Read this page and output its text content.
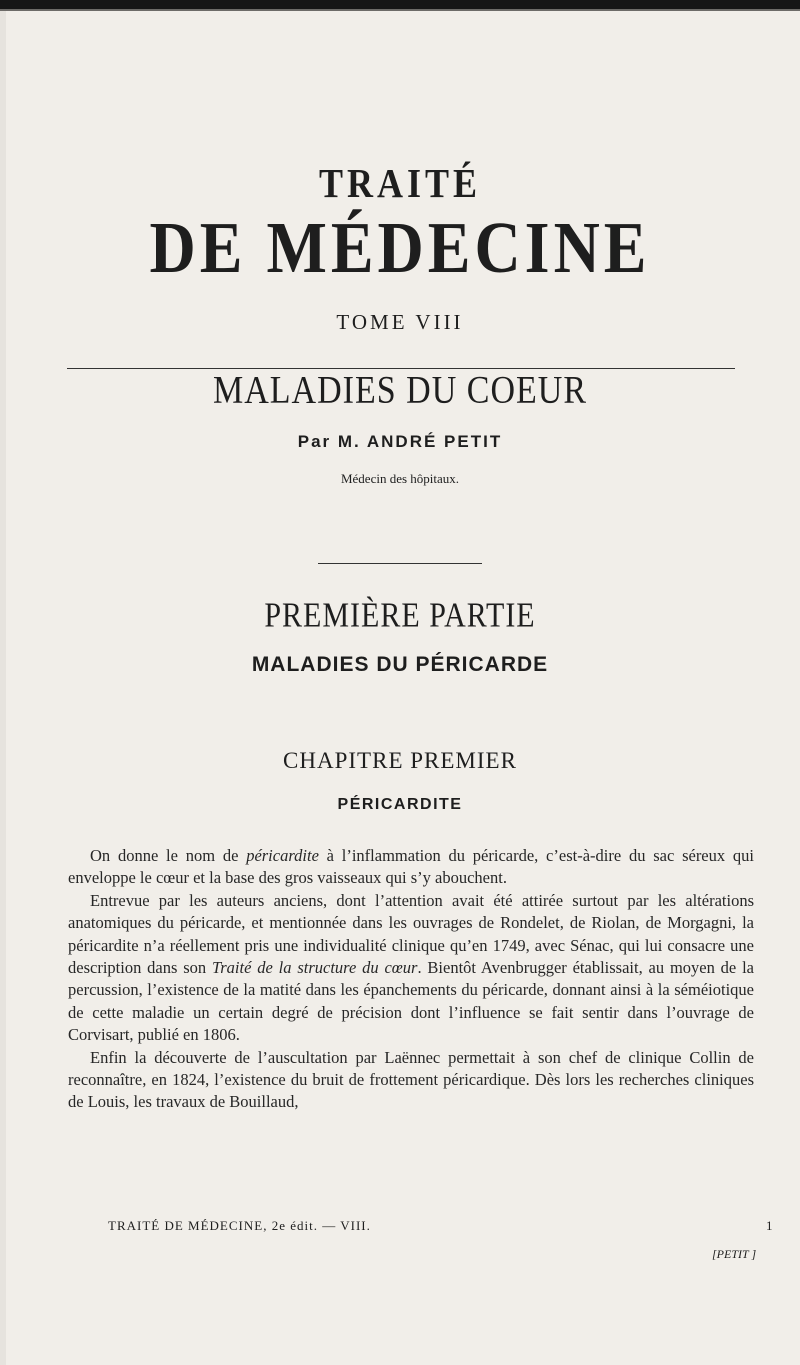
TRAITÉ
DE MÉDECINE
TOME VIII
MALADIES DU COEUR
Par M. ANDRÉ PETIT
Médecin des hôpitaux.
PREMIÈRE PARTIE
MALADIES DU PÉRICARDE
CHAPITRE PREMIER
PÉRICARDITE

On donne le nom de péricardite à l’inflammation du péricarde, c’est-à-dire du sac séreux qui enveloppe le cœur et la base des gros vaisseaux qui s’y abouchent.

Entrevue par les auteurs anciens, dont l’attention avait été attirée surtout par les altérations anatomiques du péricarde, et mentionnée dans les ouvrages de Rondelet, de Riolan, de Morgagni, la péricardite n’a réellement pris une individualité clinique qu’en 1749, avec Sénac, qui lui consacre une description dans son Traité de la structure du cœur. Bientôt Avenbrugger établissait, au moyen de la percussion, l’existence de la matité dans les épanchements du péricarde, donnant ainsi à la séméiotique de cette maladie un certain degré de précision dont l’influence se fait sentir dans l’ouvrage de Corvisart, publié en 1806.

Enfin la découverte de l’auscultation par Laënnec permettait à son chef de clinique Collin de reconnaître, en 1824, l’existence du bruit de frottement péricardique. Dès lors les recherches cliniques de Louis, les travaux de Bouillaud,

TRAITÉ DE MÉDECINE, 2e édit. — VIII.	1
[PETIT ]
